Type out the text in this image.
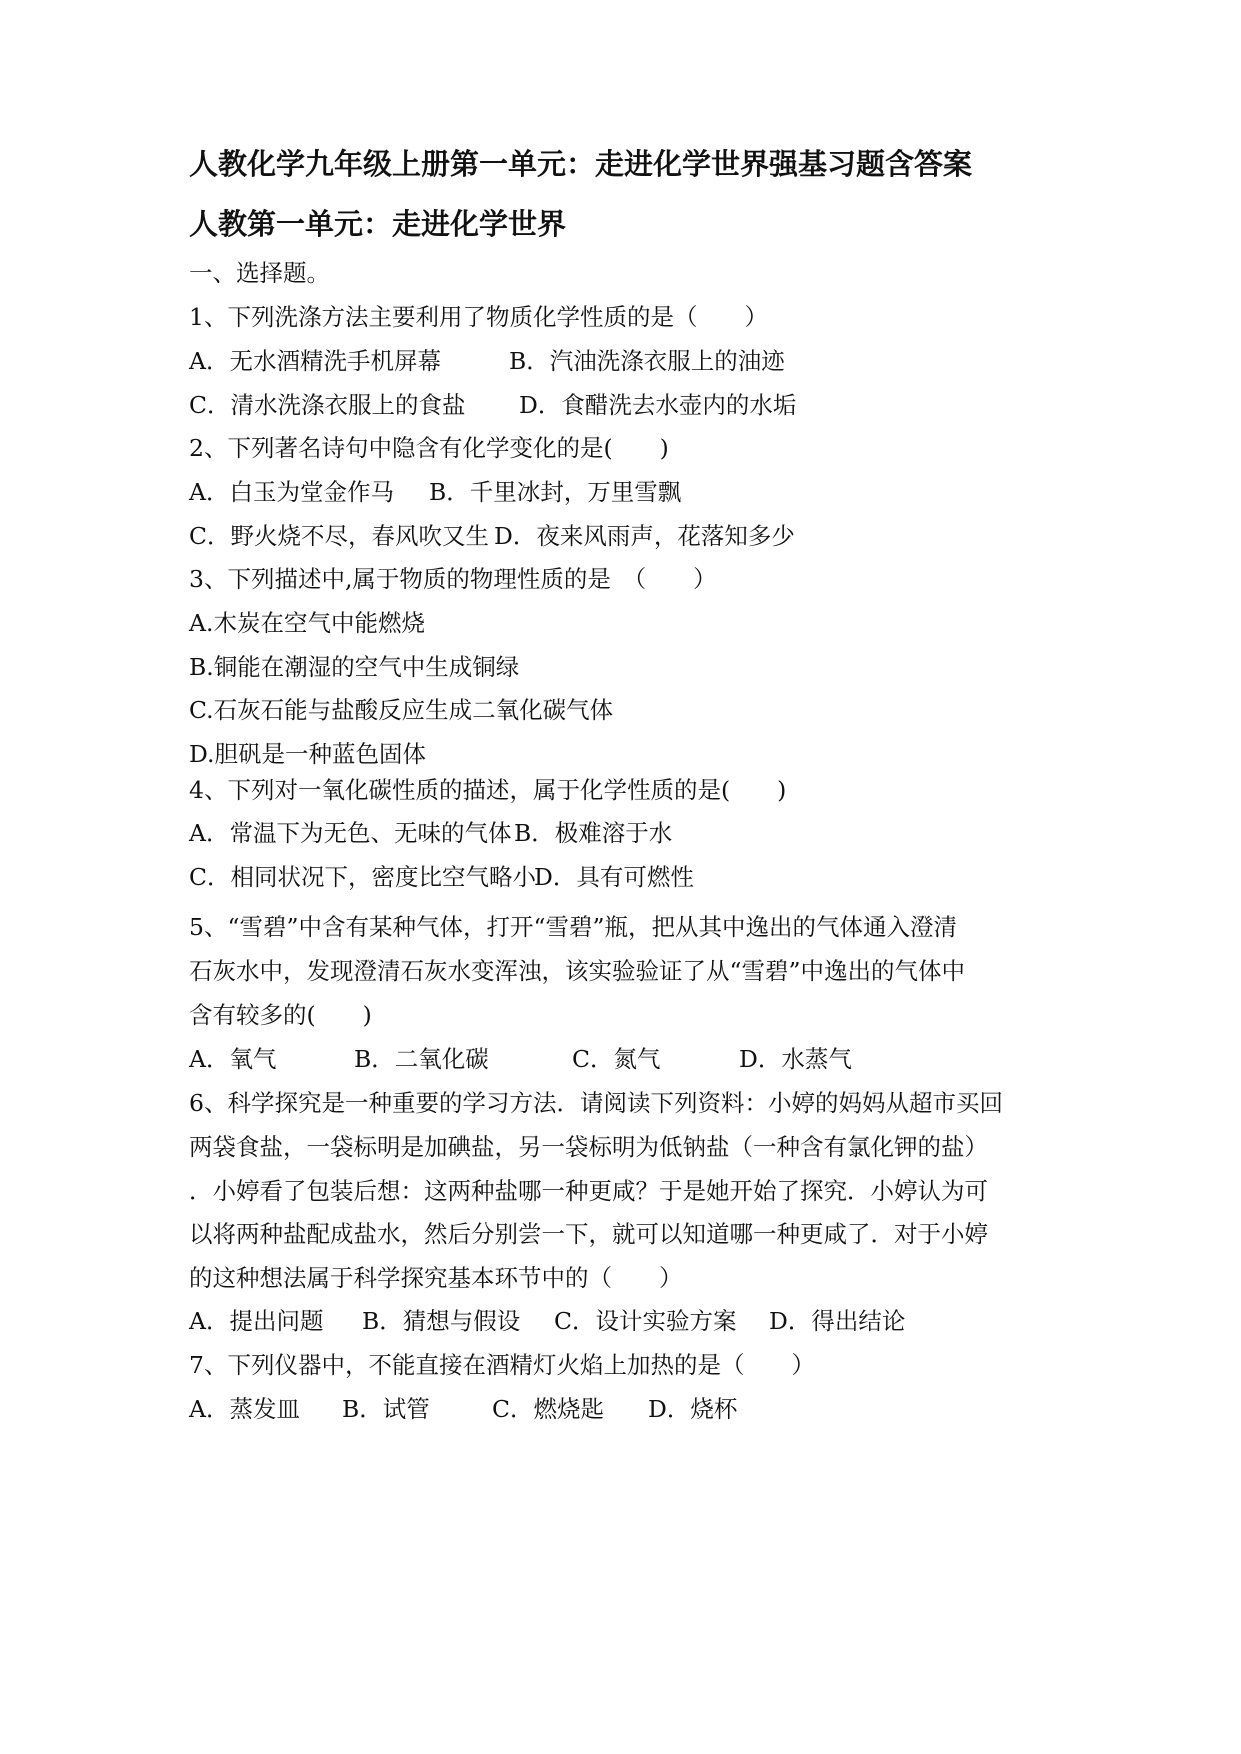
人教化学九年级上册第一单元：走进化学世界强基习题含答案
人教第一单元：走进化学世界
一、选择题。
1、下列洗涤方法主要利用了物质化学性质的是（　　）
A．无水酒精洗手机屏幕	B．汽油洗涤衣服上的油迹
C．清水洗涤衣服上的食盐 D．食醋洗去水壶内的水垢
2、下列著名诗句中隐含有化学变化的是(　　)
A．白玉为堂金作马 B．千里冰封，万里雪飘
C．野火烧不尽，春风吹又生 D．夜来风雨声，花落知多少
3、下列描述中,属于物质的物理性质的是　（　　）
A.木炭在空气中能燃烧
B.铜能在潮湿的空气中生成铜绿
C.石灰石能与盐酸反应生成二氧化碳气体
D.胆矾是一种蓝色固体
4、下列对一氧化碳性质的描述，属于化学性质的是(　　)
A．常温下为无色、无味的气体 B．极难溶于水
C．相同状况下，密度比空气略小
D．具有可燃性
5、“雪碧”中含有某种气体，打开“雪碧”瓶，把从其中逸出的气体通入澄清
石灰水中，发现澄清石灰水变浑浊，该实验验证了从“雪碧”中逸出的气体中
含有较多的(　　)
A．氧气	B．二氧化碳	C．氮气	D．水蒸气
6、科学探究是一种重要的学习方法．请阅读下列资料：小婷的妈妈从超市买回
两袋食盐，一袋标明是加碘盐，另一袋标明为低钠盐（一种含有氯化钾的盐）
．小婷看了包装后想：这两种盐哪一种更咸？于是她开始了探究．小婷认为可
以将两种盐配成盐水，然后分别尝一下，就可以知道哪一种更咸了．对于小婷
的这种想法属于科学探究基本环节中的（　　）
A．提出问题 B．猜想与假设 C．设计实验方案 D．得出结论
7、下列仪器中，不能直接在酒精灯火焰上加热的是（　　）
A．蒸发皿 B．试管	C．燃烧匙 D．烧杯
